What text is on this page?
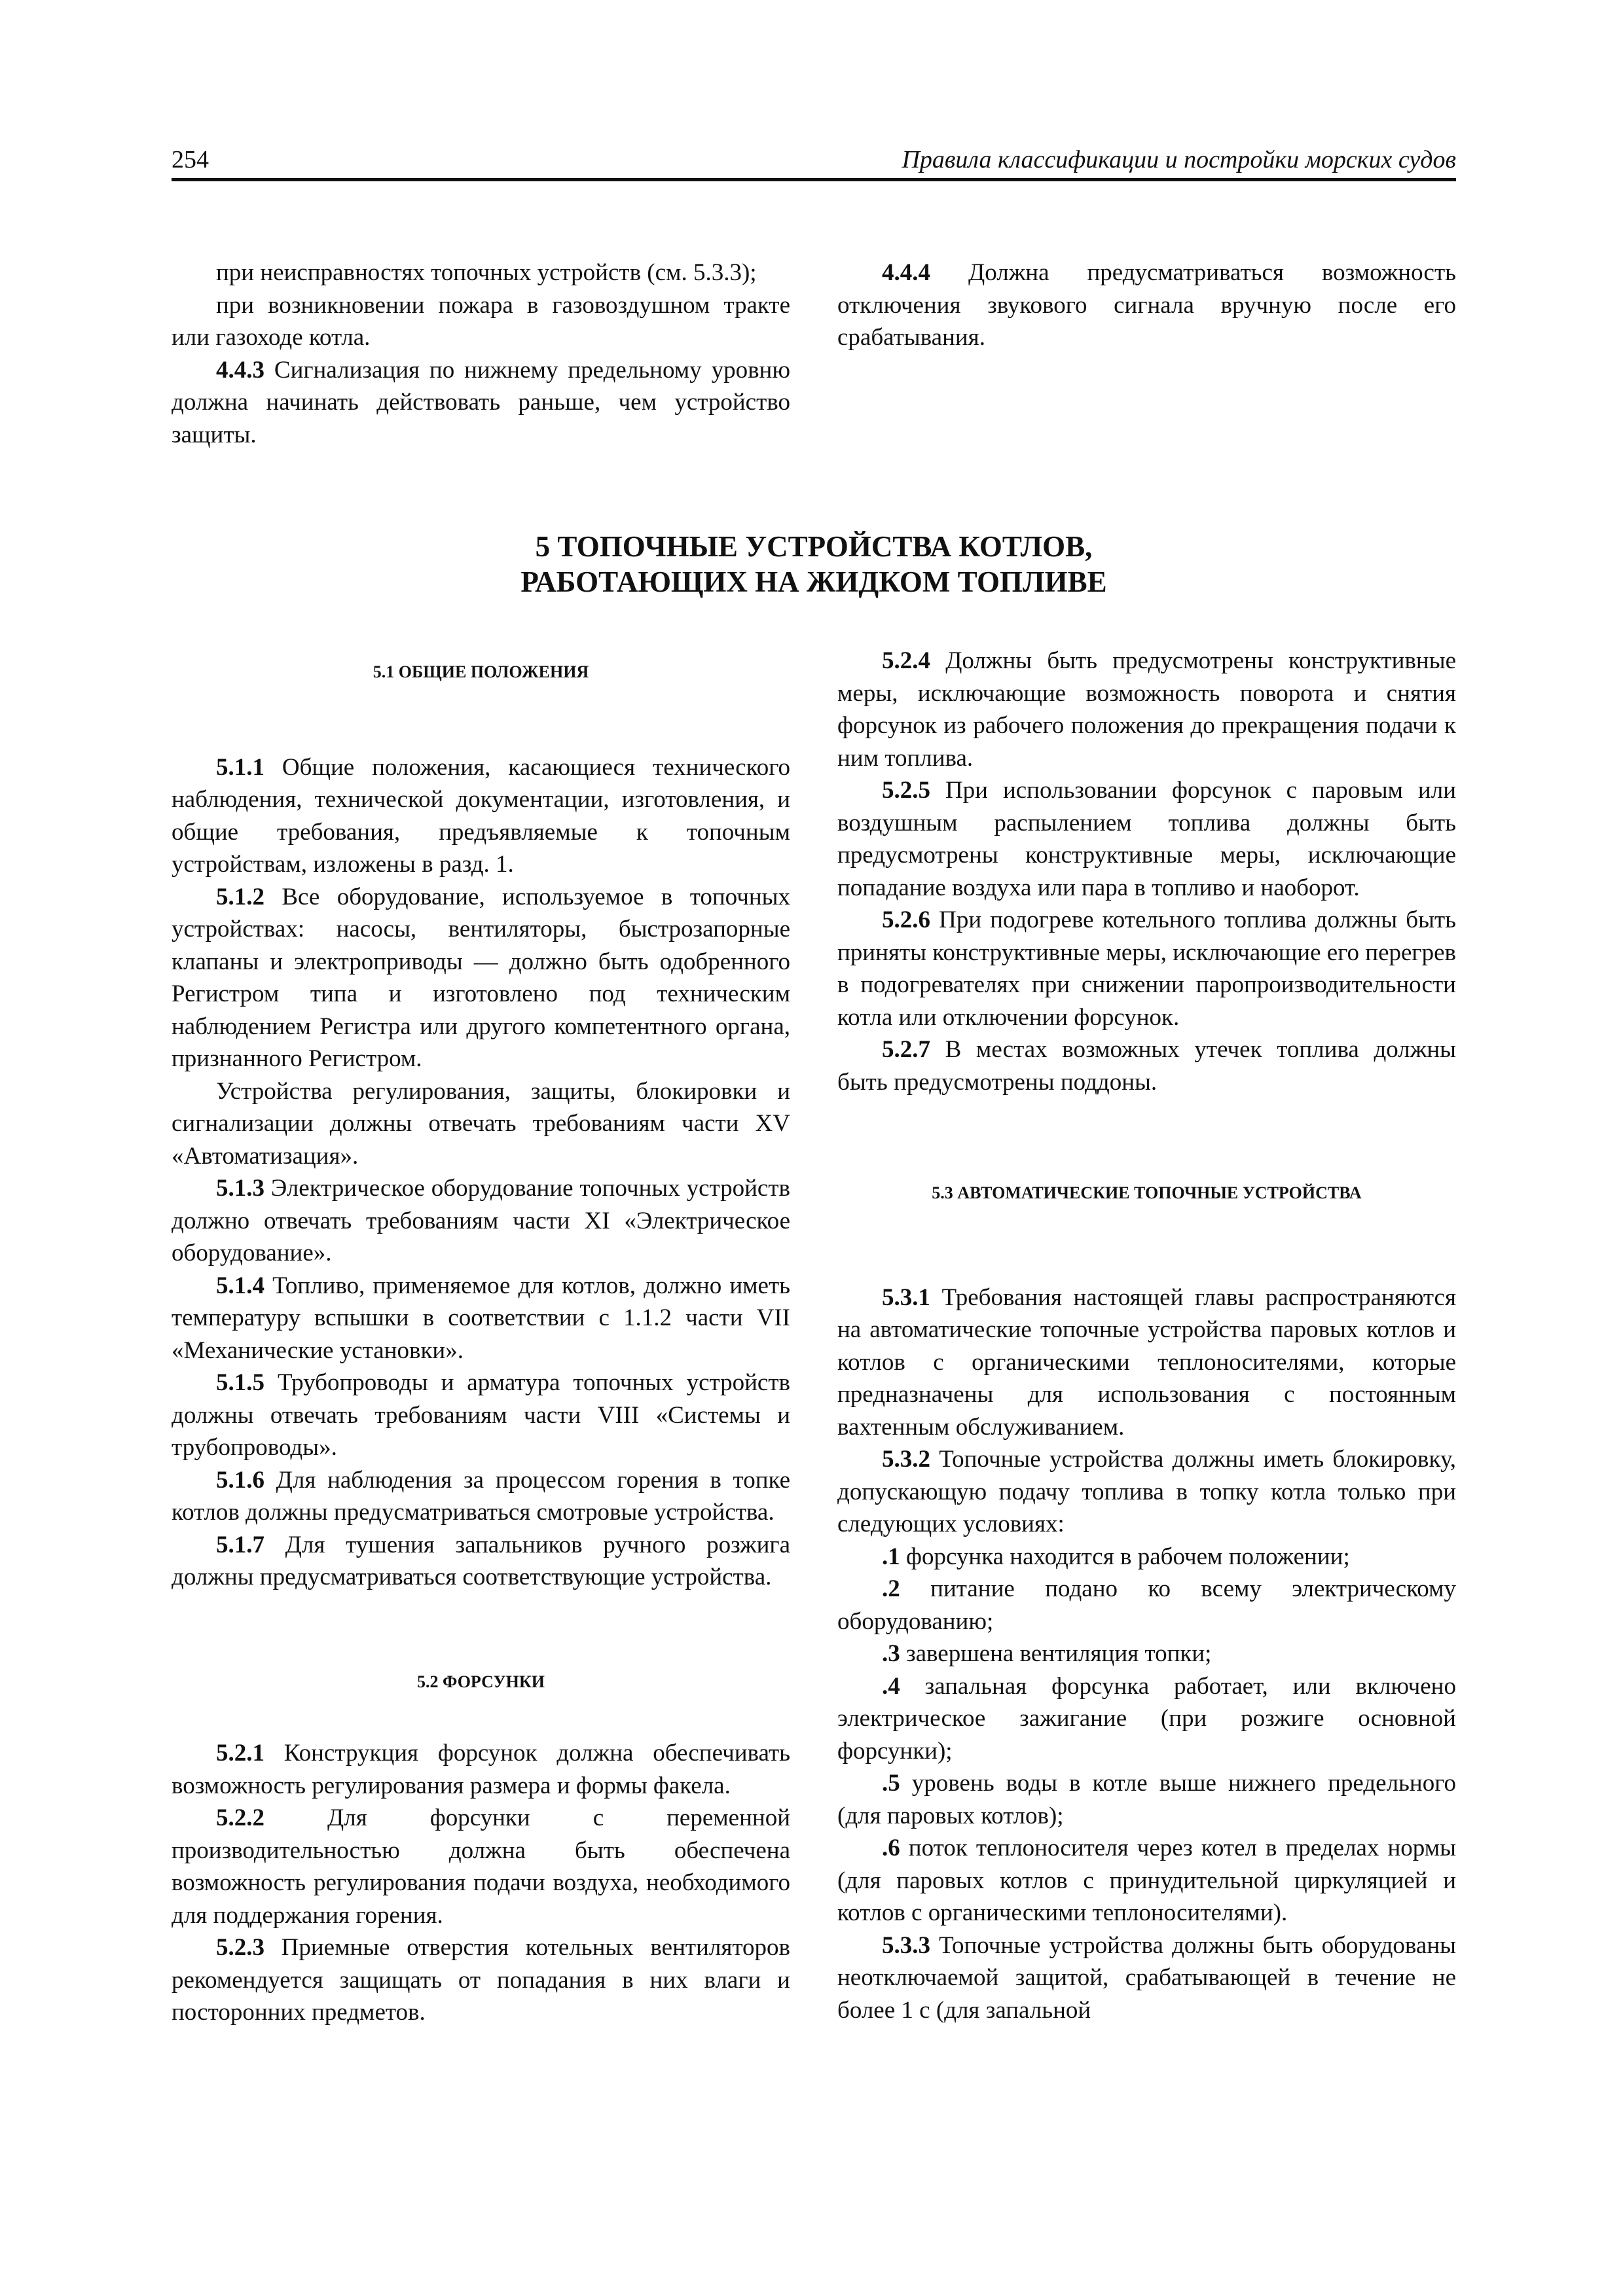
254	Правила классификации и постройки морских судов

при неисправностях топочных устройств (см. 5.3.3);

при возникновении пожара в газовоздушном тракте или газоходе котла.

4.4.3 Сигнализация по нижнему предельному уровню должна начинать действовать раньше, чем устройство защиты.

4.4.4 Должна предусматриваться возможность отключения звукового сигнала вручную после его срабатывания.

5 ТОПОЧНЫЕ УСТРОЙСТВА КОТЛОВ,
РАБОТАЮЩИХ НА ЖИДКОМ ТОПЛИВЕ

5.1 ОБЩИЕ ПОЛОЖЕНИЯ

5.1.1 Общие положения, касающиеся технического наблюдения, технической документации, изготовления, и общие требования, предъявляемые к топочным устройствам, изложены в разд. 1.

5.1.2 Все оборудование, используемое в топочных устройствах: насосы, вентиляторы, быстрозапорные клапаны и электроприводы — должно быть одобренного Регистром типа и изготовлено под техническим наблюдением Регистра или другого компетентного органа, признанного Регистром.

Устройства регулирования, защиты, блокировки и сигнализации должны отвечать требованиям части XV «Автоматизация».

5.1.3 Электрическое оборудование топочных устройств должно отвечать требованиям части XI «Электрическое оборудование».

5.1.4 Топливо, применяемое для котлов, должно иметь температуру вспышки в соответствии с 1.1.2 части VII «Механические установки».

5.1.5 Трубопроводы и арматура топочных устройств должны отвечать требованиям части VIII «Системы и трубопроводы».

5.1.6 Для наблюдения за процессом горения в топке котлов должны предусматриваться смотровые устройства.

5.1.7 Для тушения запальников ручного розжига должны предусматриваться соответствующие устройства.

5.2 ФОРСУНКИ

5.2.1 Конструкция форсунок должна обеспечивать возможность регулирования размера и формы факела.

5.2.2 Для форсунки с переменной производительностью должна быть обеспечена возможность регулирования подачи воздуха, необходимого для поддержания горения.

5.2.3 Приемные отверстия котельных вентиляторов рекомендуется защищать от попадания в них влаги и посторонних предметов.

5.2.4 Должны быть предусмотрены конструктивные меры, исключающие возможность поворота и снятия форсунок из рабочего положения до прекращения подачи к ним топлива.

5.2.5 При использовании форсунок с паровым или воздушным распылением топлива должны быть предусмотрены конструктивные меры, исключающие попадание воздуха или пара в топливо и наоборот.

5.2.6 При подогреве котельного топлива должны быть приняты конструктивные меры, исключающие его перегрев в подогревателях при снижении паропроизводительности котла или отключении форсунок.

5.2.7 В местах возможных утечек топлива должны быть предусмотрены поддоны.

5.3 АВТОМАТИЧЕСКИЕ ТОПОЧНЫЕ УСТРОЙСТВА

5.3.1 Требования настоящей главы распространяются на автоматические топочные устройства паровых котлов и котлов с органическими теплоносителями, которые предназначены для использования с постоянным вахтенным обслуживанием.

5.3.2 Топочные устройства должны иметь блокировку, допускающую подачу топлива в топку котла только при следующих условиях:

.1 форсунка находится в рабочем положении;

.2 питание подано ко всему электрическому оборудованию;

.3 завершена вентиляция топки;

.4 запальная форсунка работает, или включено электрическое зажигание (при розжиге основной форсунки);

.5 уровень воды в котле выше нижнего предельного (для паровых котлов);

.6 поток теплоносителя через котел в пределах нормы (для паровых котлов с принудительной циркуляцией и котлов с органическими теплоносителями).

5.3.3 Топочные устройства должны быть оборудованы неотключаемой защитой, срабатывающей в течение не более 1 с (для запальной
